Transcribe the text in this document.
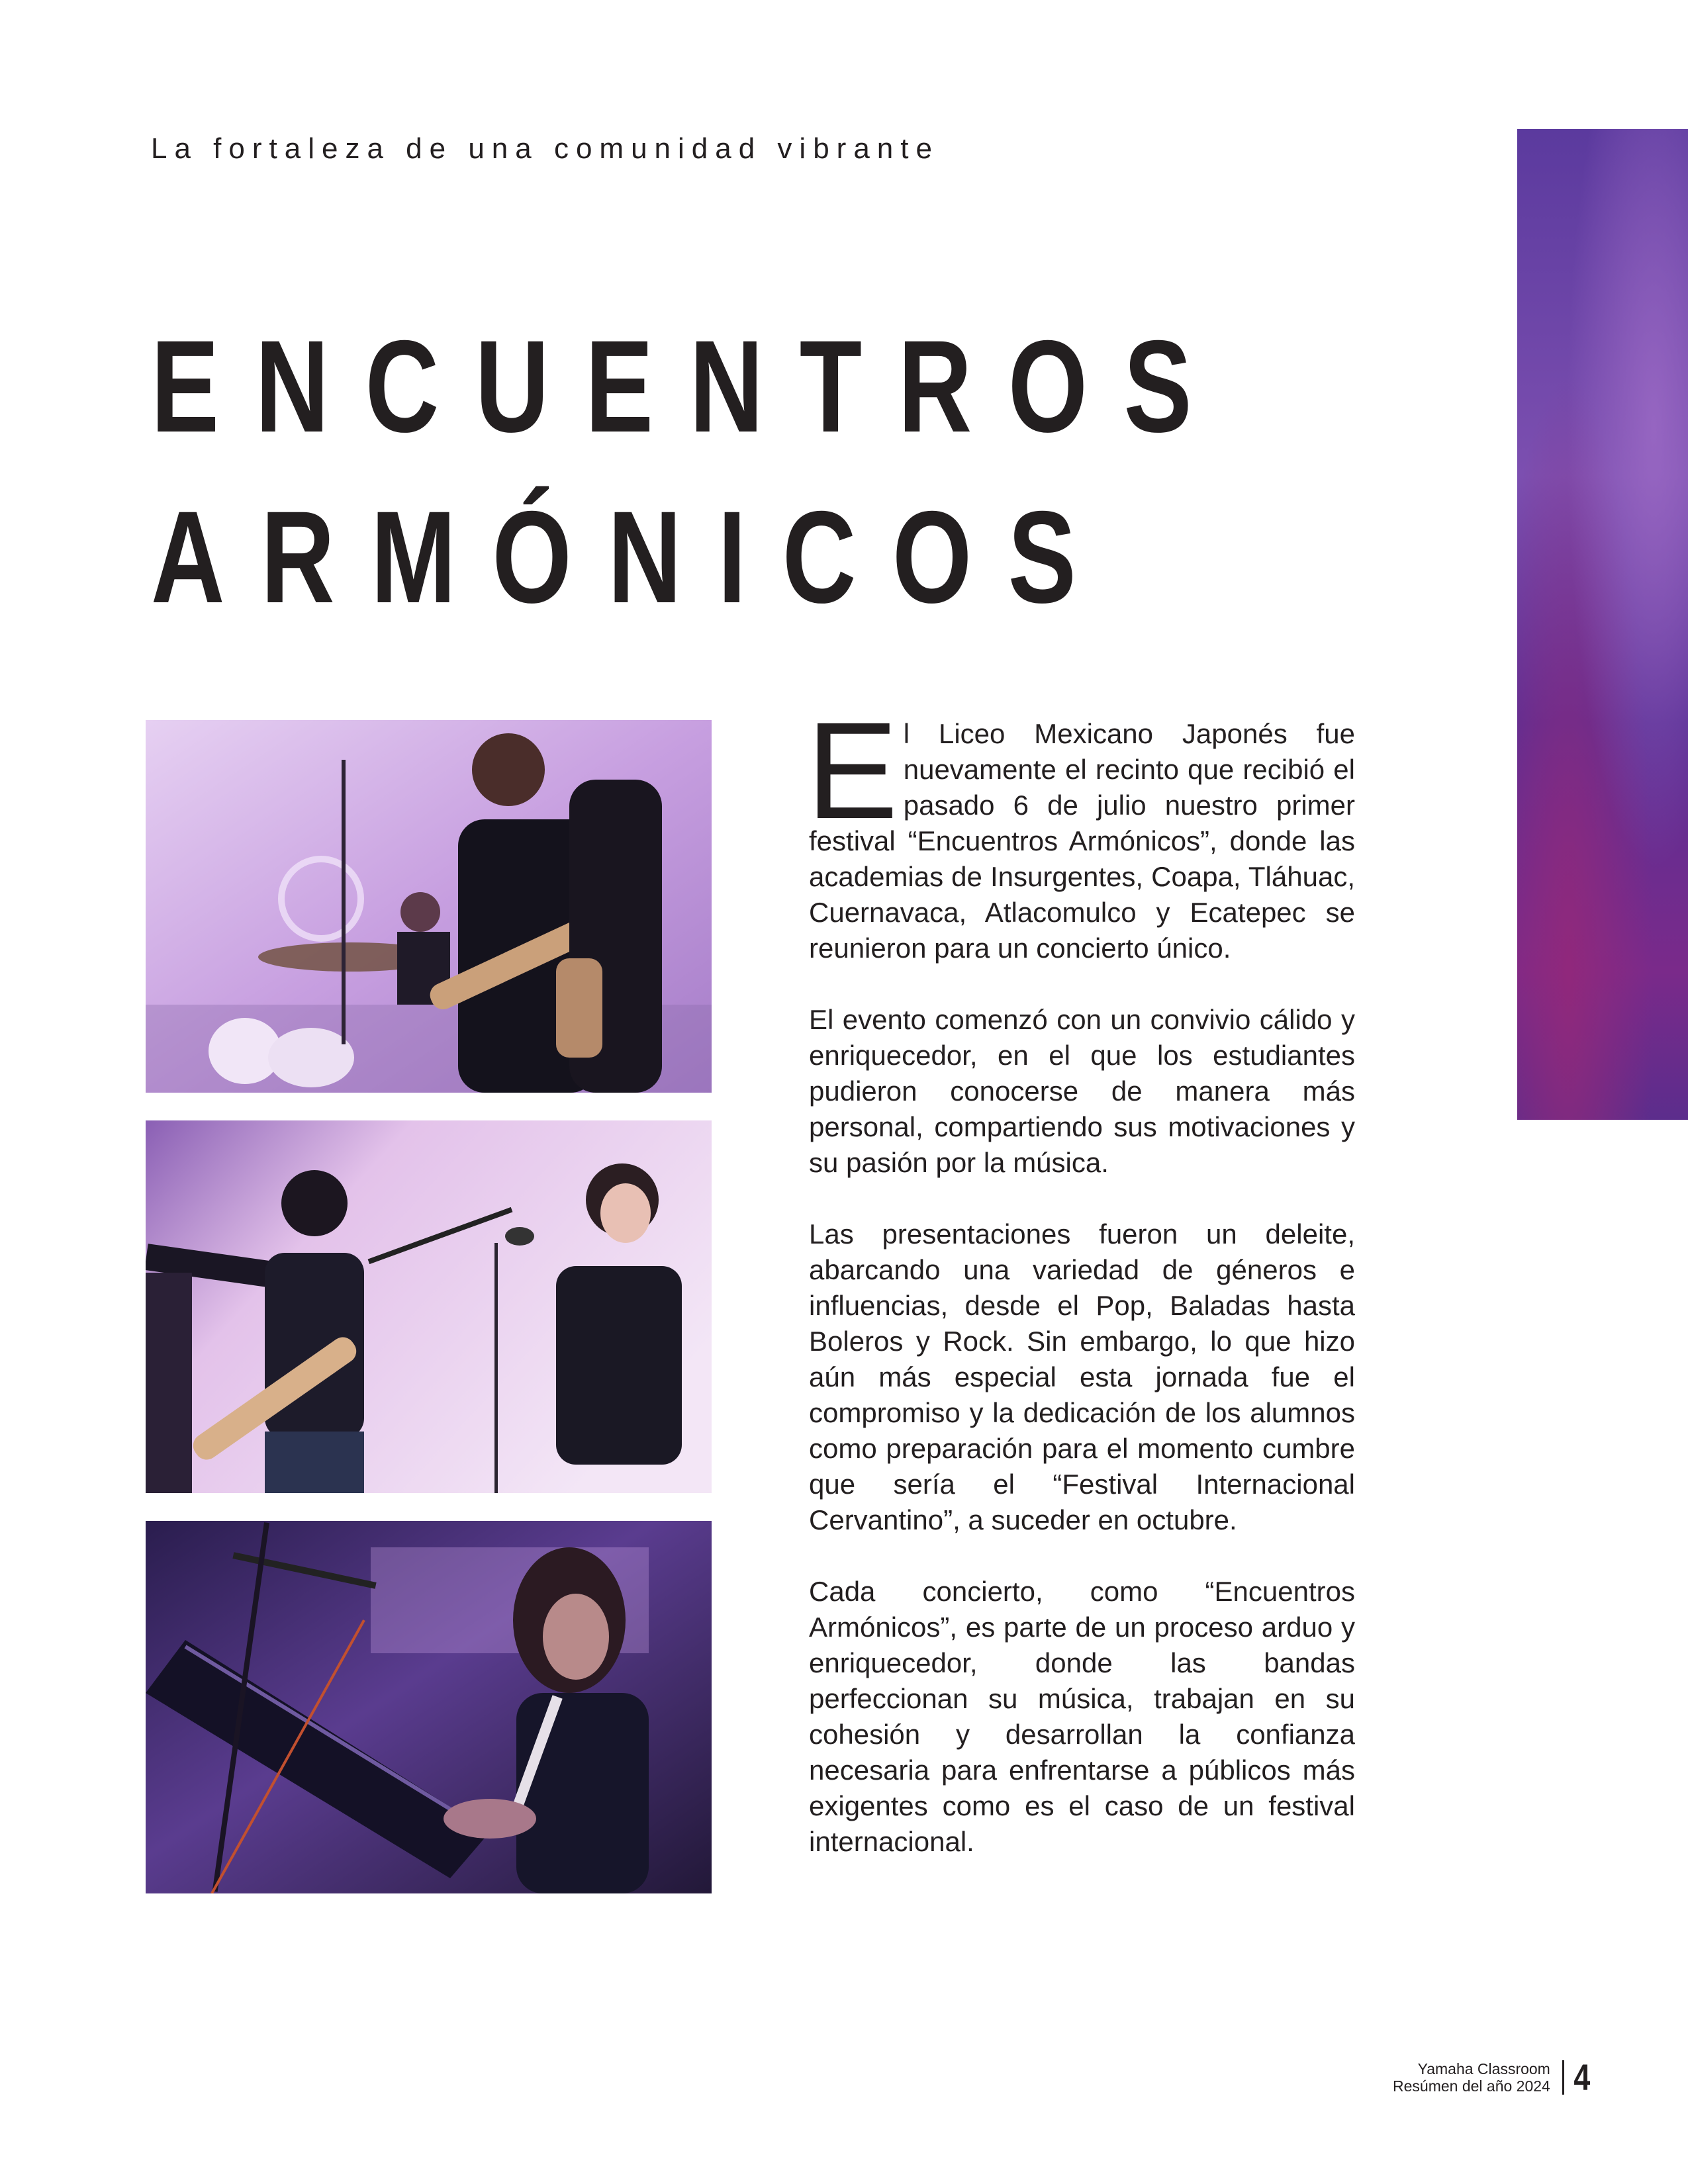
La fortaleza de una comunidad vibrante
ENCUENTROS
ARMÓNICOS

El Liceo Mexicano Japonés fue nuevamente el recinto que recibió el pasado 6 de julio nuestro primer festival “Encuentros Armónicos”, donde las academias de Insurgentes, Coapa, Tláhuac, Cuernavaca, Atlacomulco y Ecatepec se reunieron para un concierto único.

El evento comenzó con un convivio cálido y enriquecedor, en el que los estudiantes pudieron conocerse de manera más personal, compartiendo sus motivaciones y su pasión por la música.

Las presentaciones fueron un deleite, abarcando una variedad de géneros e influencias, desde el Pop, Baladas hasta Boleros y Rock. Sin embargo, lo que hizo aún más especial esta jornada fue el compromiso y la dedicación de los alumnos como preparación para el momento cumbre que sería el “Festival Internacional Cervantino”, a suceder en octubre.

Cada concierto, como “Encuentros Armónicos”, es parte de un proceso arduo y enriquecedor, donde las bandas perfeccionan su música, trabajan en su cohesión y desarrollan la confianza necesaria para enfrentarse a públicos más exigentes como es el caso de un festival internacional.

Yamaha Classroom
Resúmen del año 2024 4
